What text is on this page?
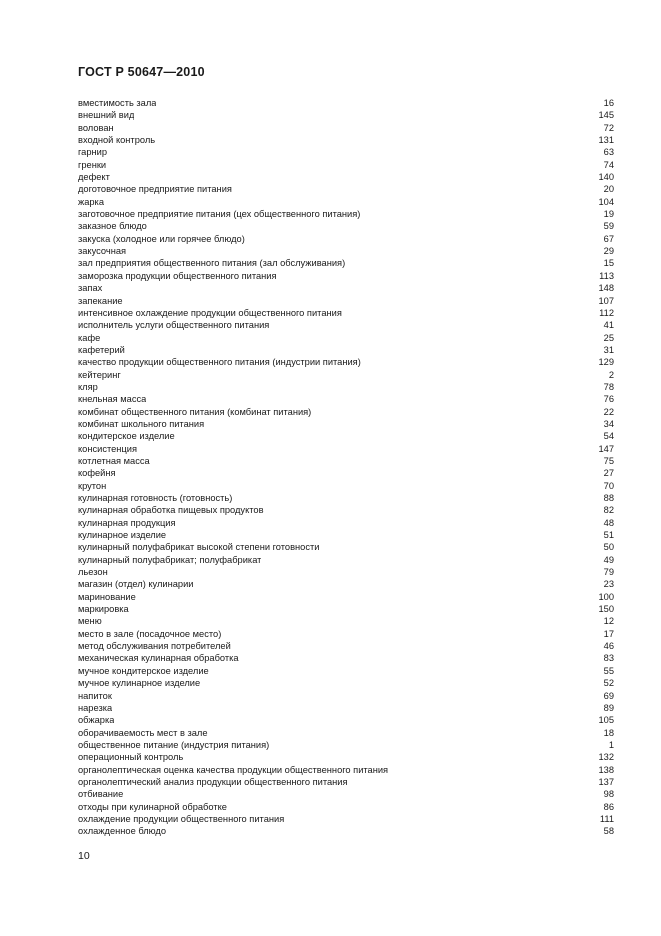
ГОСТ Р 50647—2010
вместимость зала	16
внешний вид	145
волован	72
входной контроль	131
гарнир	63
гренки	74
дефект	140
доготовочное предприятие питания	20
жарка	104
заготовочное предприятие питания (цех общественного питания)	19
заказное блюдо	59
закуска (холодное или горячее блюдо)	67
закусочная	29
зал предприятия общественного питания (зал обслуживания)	15
заморозка продукции общественного питания	113
запах	148
запекание	107
интенсивное охлаждение продукции общественного питания	112
исполнитель услуги общественного питания	41
кафе	25
кафетерий	31
качество продукции общественного питания (индустрии питания)	129
кейтеринг	2
кляр	78
кнельная масса	76
комбинат общественного питания (комбинат питания)	22
комбинат школьного питания	34
кондитерское изделие	54
консистенция	147
котлетная масса	75
кофейня	27
крутон	70
кулинарная готовность (готовность)	88
кулинарная обработка пищевых продуктов	82
кулинарная продукция	48
кулинарное изделие	51
кулинарный полуфабрикат высокой степени готовности	50
кулинарный полуфабрикат; полуфабрикат	49
льезон	79
магазин (отдел) кулинарии	23
маринование	100
маркировка	150
меню	12
место в зале (посадочное место)	17
метод обслуживания потребителей	46
механическая кулинарная обработка	83
мучное кондитерское изделие	55
мучное кулинарное изделие	52
напиток	69
нарезка	89
обжарка	105
оборачиваемость мест в зале	18
общественное питание (индустрия питания)	1
операционный контроль	132
органолептическая оценка качества продукции общественного питания	138
органолептический анализ продукции общественного питания	137
отбивание	98
отходы при кулинарной обработке	86
охлаждение продукции общественного питания	111
охлажденное блюдо	58
10
